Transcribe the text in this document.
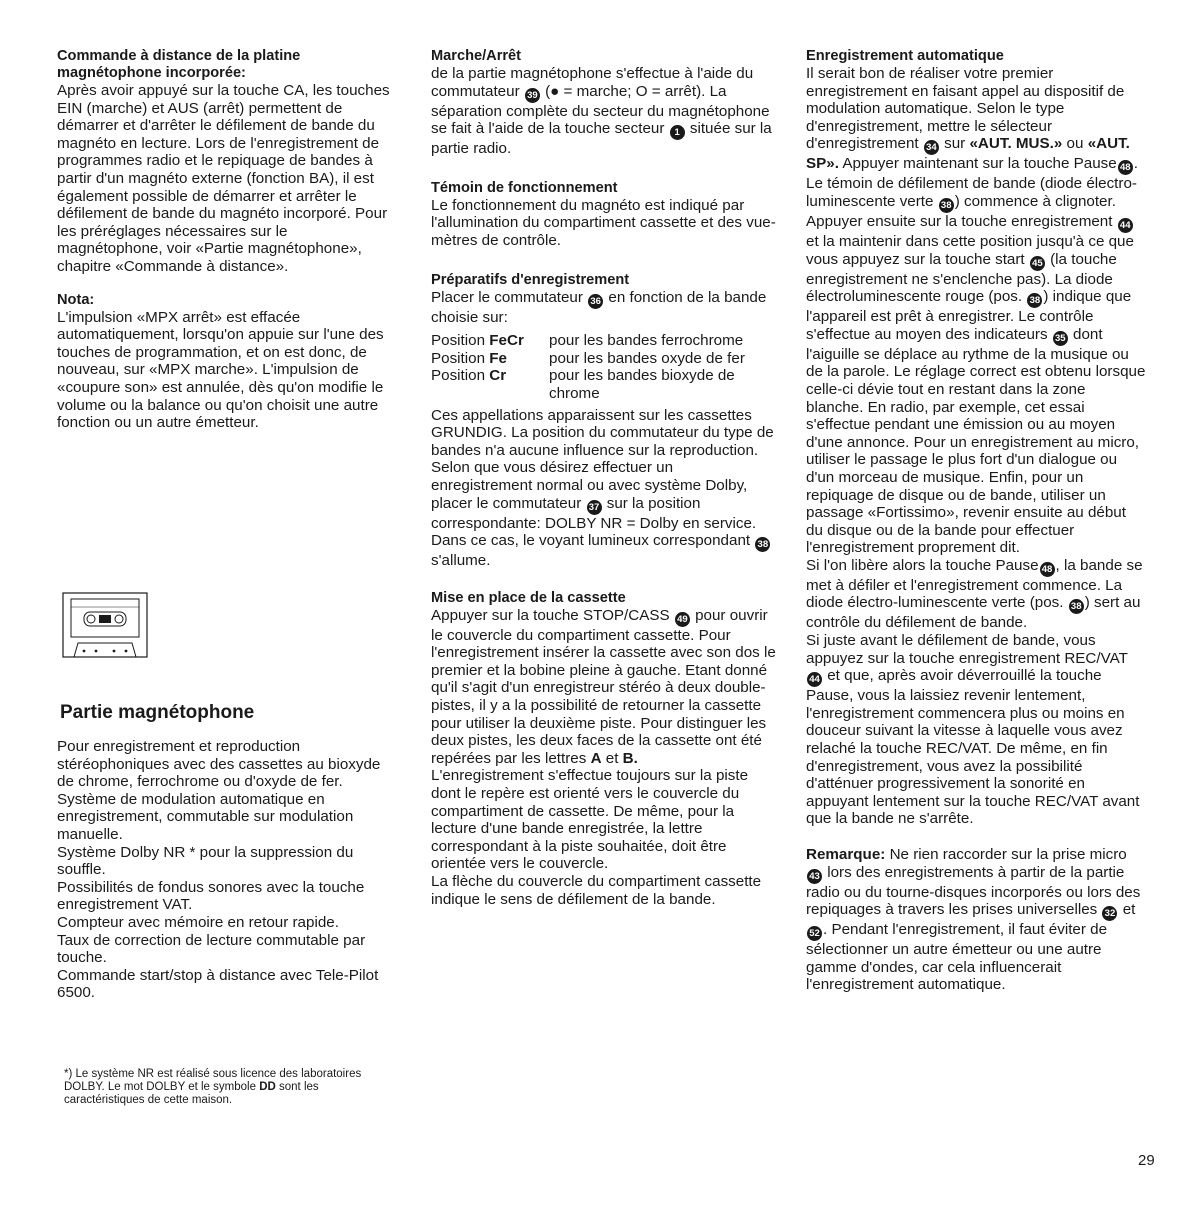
Commande à distance de la platine

magnétophone incorporée:

Après avoir appuyé sur la touche CA, les touches EIN (marche) et AUS (arrêt) permettent de démarrer et d'arrêter le défilement de bande du magnéto en lecture. Lors de l'enregistrement de programmes radio et le repiquage de bandes à partir d'un magnéto externe (fonction BA), il est également possible de démarrer et arrêter le défilement de bande du magnéto incorporé. Pour les préréglages nécessaires sur le magnétophone, voir «Partie magnétophone», chapitre «Commande à distance».

Nota:

L'impulsion «MPX arrêt» est effacée automatiquement, lorsqu'on appuie sur l'une des touches de programmation, et on est donc, de nouveau, sur «MPX marche». L'impulsion de «coupure son» est annulée, dès qu'on modifie le volume ou la balance ou qu'on choisit une autre fonction ou un autre émetteur.

Partie magnétophone

Pour enregistrement et reproduction stéréophoniques avec des cassettes au bioxyde de chrome, ferrochrome ou d'oxyde de fer.

Système de modulation automatique en enregistrement, commutable sur modulation manuelle.

Système Dolby NR * pour la suppression du souffle.

Possibilités de fondus sonores avec la touche enregistrement VAT.

Compteur avec mémoire en retour rapide.

Taux de correction de lecture commutable par touche.

Commande start/stop à distance avec Tele-Pilot 6500.

*) Le système NR est réalisé sous licence des laboratoires DOLBY. Le mot DOLBY et le symbole DD sont les caractéristiques de cette maison.

Marche/Arrêt

de la partie magnétophone s'effectue à l'aide du commutateur 39 (● = marche; O = arrêt). La séparation complète du secteur du magnétophone se fait à l'aide de la touche secteur 1 située sur la partie radio.

Témoin de fonctionnement

Le fonctionnement du magnéto est indiqué par l'allumination du compartiment cassette et des vue-mètres de contrôle.

Préparatifs d'enregistrement

Placer le commutateur 36 en fonction de la bande choisie sur:

Position FeCr	pour les bandes ferrochrome
Position Fe	pour les bandes oxyde de fer
Position Cr	pour les bandes bioxyde de chrome

Ces appellations apparaissent sur les cassettes GRUNDIG. La position du commutateur du type de bandes n'a aucune influence sur la reproduction. Selon que vous désirez effectuer un enregistrement normal ou avec système Dolby, placer le commutateur 37 sur la position correspondante: DOLBY NR = Dolby en service. Dans ce cas, le voyant lumineux correspondant 38 s'allume.

Mise en place de la cassette

Appuyer sur la touche STOP/CASS 49 pour ouvrir le couvercle du compartiment cassette. Pour l'enregistrement insérer la cassette avec son dos le premier et la bobine pleine à gauche. Etant donné qu'il s'agit d'un enregistreur stéréo à deux double-pistes, il y a la possibilité de retourner la cassette pour utiliser la deuxième piste. Pour distinguer les deux pistes, les deux faces de la cassette ont été repérées par les lettres A et B.

L'enregistrement s'effectue toujours sur la piste dont le repère est orienté vers le couvercle du compartiment de cassette. De même, pour la lecture d'une bande enregistrée, la lettre correspondant à la piste souhaitée, doit être orientée vers le couvercle.

La flèche du couvercle du compartiment cassette indique le sens de défilement de la bande.

Enregistrement automatique

Il serait bon de réaliser votre premier enregistrement en faisant appel au dispositif de modulation automatique. Selon le type d'enregistrement, mettre le sélecteur d'enregistrement 34 sur «AUT. MUS.» ou «AUT. SP». Appuyer maintenant sur la touche Pause 48 . Le témoin de défilement de bande (diode électro-luminescente verte 38 ) commence à clignoter. Appuyer ensuite sur la touche enregistrement 44 et la maintenir dans cette position jusqu'à ce que vous appuyez sur la touche start 45 (la touche enregistrement ne s'enclenche pas). La diode électroluminescente rouge (pos. 38 ) indique que l'appareil est prêt à enregistrer. Le contrôle s'effectue au moyen des indicateurs 35 dont l'aiguille se déplace au rythme de la musique ou de la parole. Le réglage correct est obtenu lorsque celle-ci dévie tout en restant dans la zone blanche. En radio, par exemple, cet essai s'effectue pendant une émission ou au moyen d'une annonce. Pour un enregistrement au micro, utiliser le passage le plus fort d'un dialogue ou d'un morceau de musique. Enfin, pour un repiquage de disque ou de bande, utiliser un passage «Fortissimo», revenir ensuite au début du disque ou de la bande pour effectuer l'enregistrement proprement dit.

Si l'on libère alors la touche Pause 48 , la bande se met à défiler et l'enregistrement commence. La diode électro-luminescente verte (pos. 38 ) sert au contrôle du défilement de bande.

Si juste avant le défilement de bande, vous appuyez sur la touche enregistrement REC/VAT 44 et que, après avoir déverrouillé la touche Pause, vous la laissiez revenir lentement, l'enregistrement commencera plus ou moins en douceur suivant la vitesse à laquelle vous avez relaché la touche REC/VAT. De même, en fin d'enregistrement, vous avez la possibilité d'atténuer progressivement la sonorité en appuyant lentement sur la touche REC/VAT avant que la bande ne s'arrête.

Remarque: Ne rien raccorder sur la prise micro 43 lors des enregistrements à partir de la partie radio ou du tourne-disques incorporés ou lors des repiquages à travers les prises universelles 32 et52 . Pendant l'enregistrement, il faut éviter de sélectionner un autre émetteur ou une autre gamme d'ondes, car cela influencerait l'enregistrement automatique.

29
